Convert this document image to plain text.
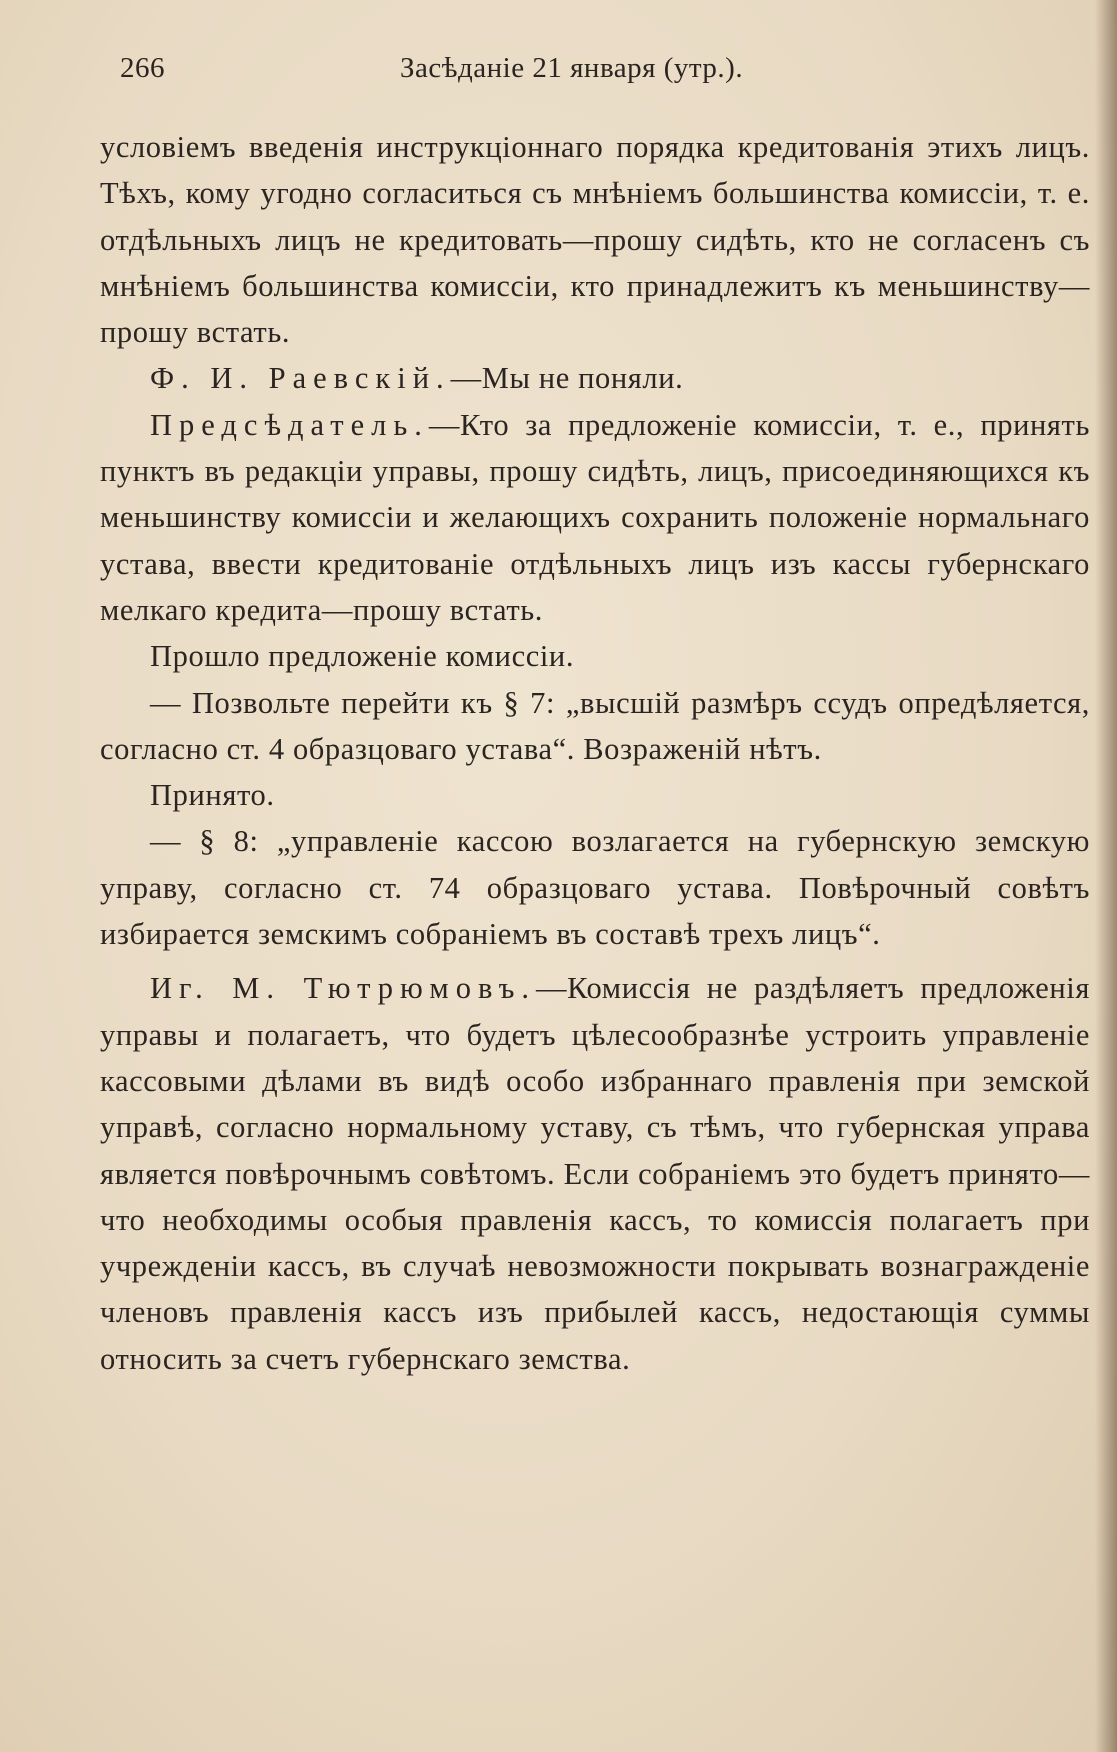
266	Засѣданіе 21 января (утр.).

условіемъ введенія инструкціоннаго порядка кредитованія этихъ лицъ. Тѣхъ, кому угодно согласиться съ мнѣніемъ большинства комиссіи, т. е. отдѣльныхъ лицъ не кредитовать—прошу сидѣть, кто не согласенъ съ мнѣніемъ большинства комиссіи, кто принадлежитъ къ меньшинству—прошу встать.

Ф. И. Раевскій.—Мы не поняли.

Предсѣдатель.—Кто за предложеніе комиссіи, т. е., принять пунктъ въ редакціи управы, прошу сидѣть, лицъ, присоединяющихся къ меньшинству комиссіи и желающихъ сохранить положеніе нормальнаго устава, ввести кредитованіе отдѣльныхъ лицъ изъ кассы губернскаго мелкаго кредита—прошу встать.

Прошло предложеніе комиссіи.

— Позвольте перейти къ § 7: „высшій размѣръ ссудъ опредѣляется, согласно ст. 4 образцоваго устава“. Возраженій нѣтъ.

Принято.

— § 8: „управленіе кассою возлагается на губернскую земскую управу, согласно ст. 74 образцоваго устава. Повѣрочный совѣтъ избирается земскимъ собраніемъ въ составѣ трехъ лицъ“.

Иг. М. Тютрюмовъ.—Комиссія не раздѣляетъ предложенія управы и полагаетъ, что будетъ цѣлесообразнѣе устроить управленіе кассовыми дѣлами въ видѣ особо избраннаго правленія при земской управѣ, согласно нормальному уставу, съ тѣмъ, что губернская управа является повѣрочнымъ совѣтомъ. Если собраніемъ это будетъ принято—что необходимы особыя правленія кассъ, то комиссія полагаетъ при учрежденіи кассъ, въ случаѣ невозможности покрывать вознагражденіе членовъ правленія кассъ изъ прибылей кассъ, недостающія суммы относить за счетъ губернскаго земства.
